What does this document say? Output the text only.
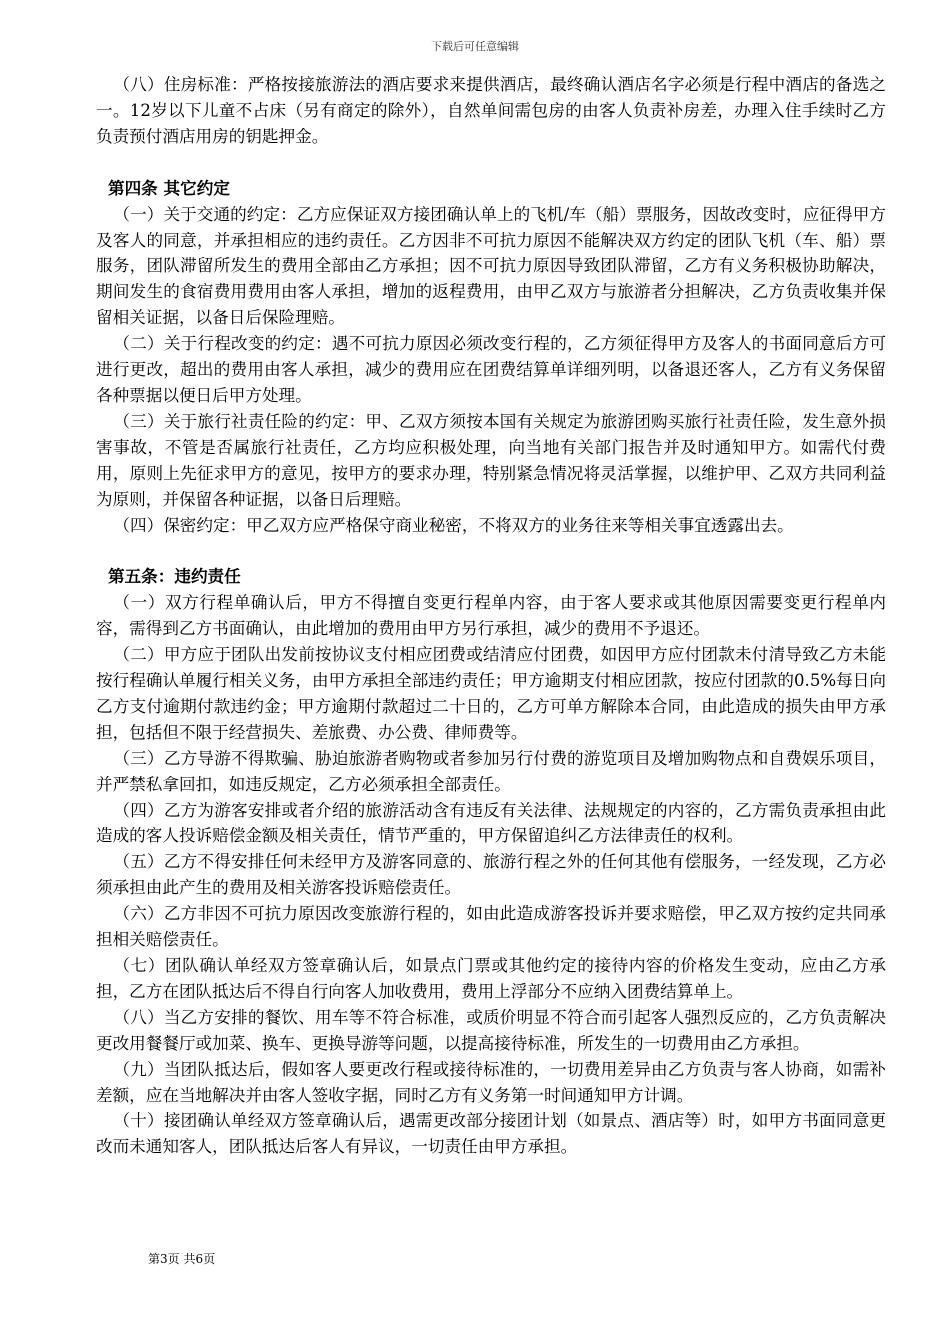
下载后可任意编辑

（八）住房标准：严格按接旅游法的酒店要求来提供酒店，最终确认酒店名字必须是行程中酒店的备选之一。12岁以下儿童不占床（另有商定的除外），自然单间需包房的由客人负责补房差，办理入住手续时乙方负责预付酒店用房的钥匙押金。

第四条 其它约定

（一）关于交通的约定：乙方应保证双方接团确认单上的飞机/车（船）票服务，因故改变时，应征得甲方及客人的同意，并承担相应的违约责任。乙方因非不可抗力原因不能解决双方约定的团队飞机（车、船）票服务，团队滞留所发生的费用全部由乙方承担；因不可抗力原因导致团队滞留，乙方有义务积极协助解决，期间发生的食宿费用费用由客人承担，增加的返程费用，由甲乙双方与旅游者分担解决，乙方负责收集并保留相关证据，以备日后保险理赔。

（二）关于行程改变的约定：遇不可抗力原因必须改变行程的，乙方须征得甲方及客人的书面同意后方可进行更改，超出的费用由客人承担，减少的费用应在团费结算单详细列明，以备退还客人，乙方有义务保留各种票据以便日后甲方处理。

（三）关于旅行社责任险的约定：甲、乙双方须按本国有关规定为旅游团购买旅行社责任险，发生意外损害事故，不管是否属旅行社责任，乙方均应积极处理，向当地有关部门报告并及时通知甲方。如需代付费用，原则上先征求甲方的意见，按甲方的要求办理，特别紧急情况将灵活掌握，以维护甲、乙双方共同利益为原则，并保留各种证据，以备日后理赔。

（四）保密约定：甲乙双方应严格保守商业秘密，不将双方的业务往来等相关事宜透露出去。

第五条：违约责任

（一）双方行程单确认后，甲方不得擅自变更行程单内容，由于客人要求或其他原因需要变更行程单内容，需得到乙方书面确认，由此增加的费用由甲方另行承担，减少的费用不予退还。

（二）甲方应于团队出发前按协议支付相应团费或结清应付团费，如因甲方应付团款未付清导致乙方未能按行程确认单履行相关义务，由甲方承担全部违约责任；甲方逾期支付相应团款，按应付团款的0.5%每日向乙方支付逾期付款违约金；甲方逾期付款超过二十日的，乙方可单方解除本合同，由此造成的损失由甲方承担，包括但不限于经营损失、差旅费、办公费、律师费等。

（三）乙方导游不得欺骗、胁迫旅游者购物或者参加另行付费的游览项目及增加购物点和自费娱乐项目，并严禁私拿回扣，如违反规定，乙方必须承担全部责任。

（四）乙方为游客安排或者介绍的旅游活动含有违反有关法律、法规规定的内容的，乙方需负责承担由此造成的客人投诉赔偿金额及相关责任，情节严重的，甲方保留追纠乙方法律责任的权利。

（五）乙方不得安排任何未经甲方及游客同意的、旅游行程之外的任何其他有偿服务，一经发现，乙方必须承担由此产生的费用及相关游客投诉赔偿责任。

（六）乙方非因不可抗力原因改变旅游行程的，如由此造成游客投诉并要求赔偿，甲乙双方按约定共同承担相关赔偿责任。

（七）团队确认单经双方签章确认后，如景点门票或其他约定的接待内容的价格发生变动，应由乙方承担，乙方在团队抵达后不得自行向客人加收费用，费用上浮部分不应纳入团费结算单上。

（八）当乙方安排的餐饮、用车等不符合标准，或质价明显不符合而引起客人强烈反应的，乙方负责解决更改用餐餐厅或加菜、换车、更换导游等问题，以提高接待标准，所发生的一切费用由乙方承担。

（九）当团队抵达后，假如客人要更改行程或接待标准的，一切费用差异由乙方负责与客人协商，如需补差额，应在当地解决并由客人签收字据，同时乙方有义务第一时间通知甲方计调。

（十）接团确认单经双方签章确认后，遇需更改部分接团计划（如景点、酒店等）时，如甲方书面同意更改而未通知客人，团队抵达后客人有异议，一切责任由甲方承担。

第3页 共6页
